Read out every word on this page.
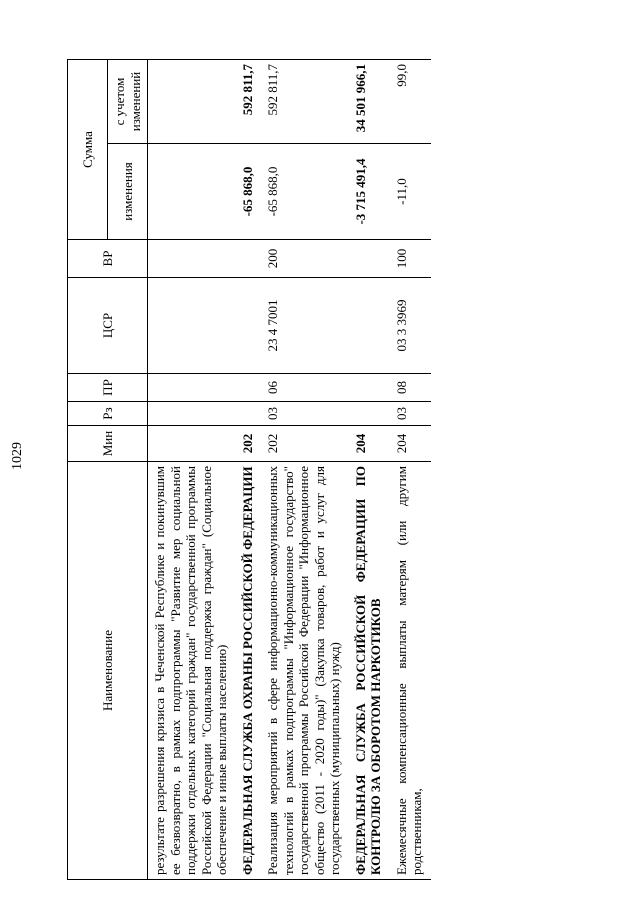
1029
Наименование	Мин	Рз	ПР	ЦСР	ВР	Сумма	
						изменения	с учетом изменений
результате разрешения кризиса в Чеченской Республике и покинувшим ее безвозвратно, в рамках подпрограммы "Развитие мер социальной поддержки отдельных категорий граждан" государственной программы Российской Федерации "Социальная поддержка граждан" (Социальное обеспечение и иные выплаты населению)							
ФЕДЕРАЛЬНАЯ СЛУЖБА ОХРАНЫ РОССИЙСКОЙ ФЕДЕРАЦИИ	202					-65 868,0	592 811,7
Реализация мероприятий в сфере информационно-коммуникационных технологий в рамках подпрограммы "Информационное государство" государственной программы Российской Федерации "Информационное общество (2011 - 2020 годы)" (Закупка товаров, работ и услуг для государственных (муниципальных) нужд)	202	03	06	23 4 7001	200	-65 868,0	592 811,7
ФЕДЕРАЛЬНАЯ СЛУЖБА РОССИЙСКОЙ ФЕДЕРАЦИИ ПО КОНТРОЛЮ ЗА ОБОРОТОМ НАРКОТИКОВ	204					-3 715 491,4	34 501 966,1
Ежемесячные компенсационные выплаты матерям (или другим родственникам,	204	03	08	03 3 3969	100	-11,0	99,0
